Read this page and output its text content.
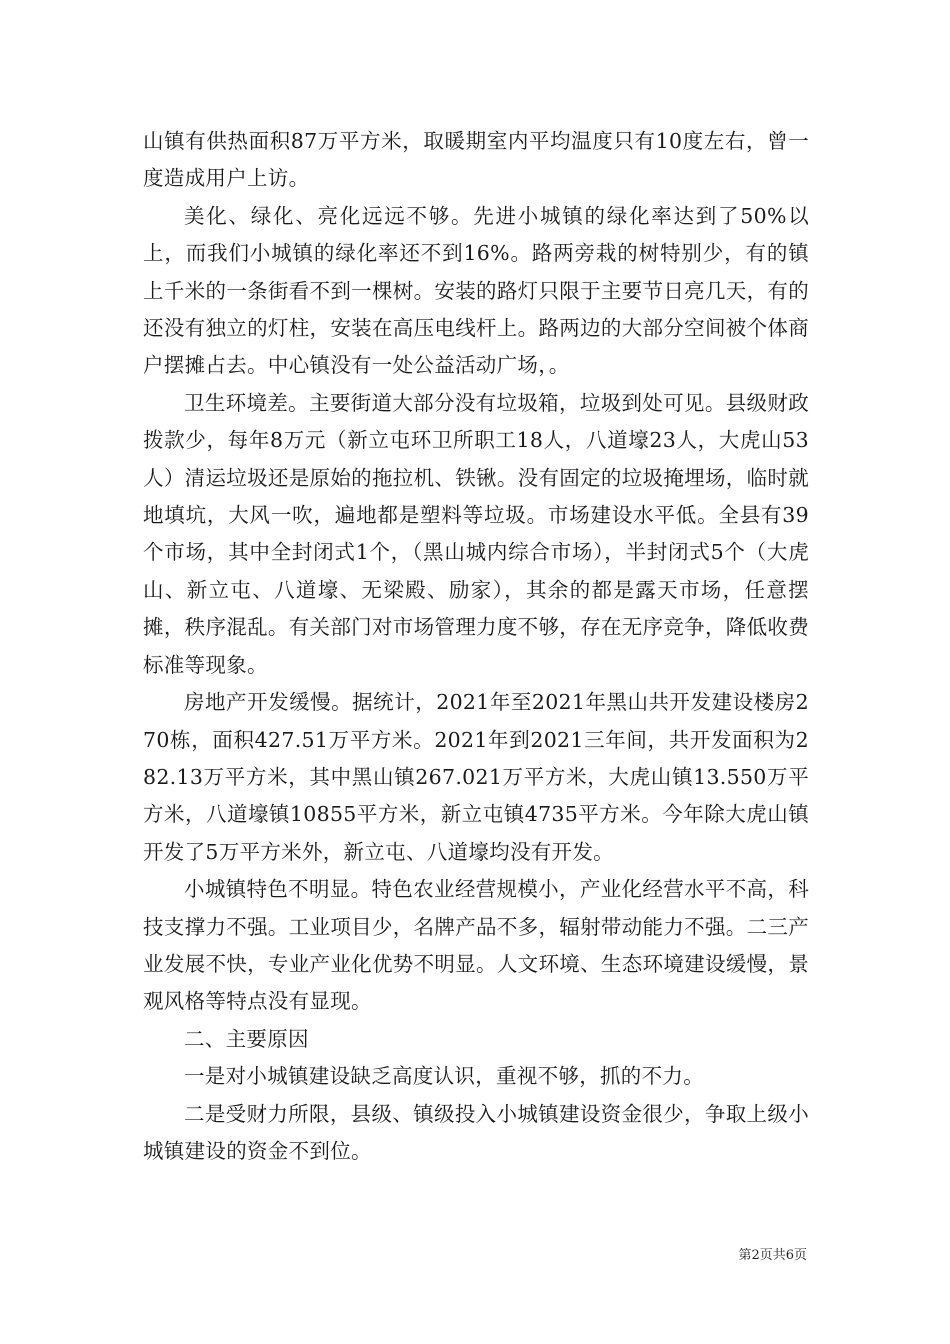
山镇有供热面积87万平方米，取暖期室内平均温度只有10度左右，曾一度造成用户上访。

美化、绿化、亮化远远不够。先进小城镇的绿化率达到了50%以上，而我们小城镇的绿化率还不到16%。路两旁栽的树特别少，有的镇上千米的一条街看不到一棵树。安装的路灯只限于主要节日亮几天，有的还没有独立的灯柱，安装在高压电线杆上。路两边的大部分空间被个体商户摆摊占去。中心镇没有一处公益活动广场，。

卫生环境差。主要街道大部分没有垃圾箱，垃圾到处可见。县级财政拨款少，每年8万元（新立屯环卫所职工18人，八道壕23人，大虎山53人）清运垃圾还是原始的拖拉机、铁锹。没有固定的垃圾掩埋场，临时就地填坑，大风一吹，遍地都是塑料等垃圾。市场建设水平低。全县有39个市场，其中全封闭式1个，（黑山城内综合市场），半封闭式5个（大虎山、新立屯、八道壕、无梁殿、励家），其余的都是露天市场，任意摆摊，秩序混乱。有关部门对市场管理力度不够，存在无序竞争，降低收费标准等现象。

房地产开发缓慢。据统计，2021年至2021年黑山共开发建设楼房270栋，面积427.51万平方米。2021年到2021三年间，共开发面积为282.13万平方米，其中黑山镇267.021万平方米，大虎山镇13.550万平方米，八道壕镇10855平方米，新立屯镇4735平方米。今年除大虎山镇开发了5万平方米外，新立屯、八道壕均没有开发。

小城镇特色不明显。特色农业经营规模小，产业化经营水平不高，科技支撑力不强。工业项目少，名牌产品不多，辐射带动能力不强。二三产业发展不快，专业产业化优势不明显。人文环境、生态环境建设缓慢，景观风格等特点没有显现。

二、主要原因

一是对小城镇建设缺乏高度认识，重视不够，抓的不力。

二是受财力所限，县级、镇级投入小城镇建设资金很少，争取上级小城镇建设的资金不到位。

第2页共6页
